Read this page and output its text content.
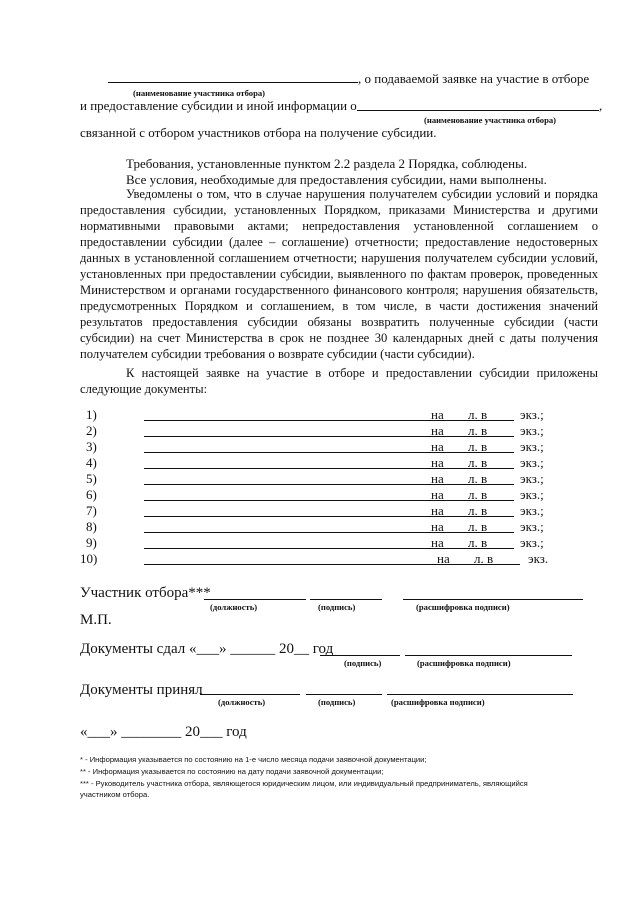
, о подаваемой заявке на участие в отборе
(наименование участника отбора)
и предоставление субсидии и иной информации о	,
(наименование участника отбора)
связанной с отбором участников отбора на получение субсидии.
Требования, установленные пунктом 2.2 раздела 2 Порядка, соблюдены.
Все условия, необходимые для предоставления субсидии, нами выполнены.
Уведомлены о том, что в случае нарушения получателем субсидии условий и порядка
предоставления субсидии, установленных Порядком, приказами Министерства и другими
нормативными правовыми актами; непредоставления установленной соглашением о
предоставлении субсидии (далее – соглашение) отчетности; предоставление недостоверных
данных в установленной соглашением отчетности; нарушения получателем субсидии условий,
установленных при предоставлении субсидии, выявленного по фактам проверок, проведенных
Министерством и органами государственного финансового контроля; нарушения обязательств,
предусмотренных Порядком и соглашением, в том числе, в части достижения значений
результатов предоставления субсидии обязаны возвратить полученные субсидии (части
субсидии) на счет Министерства в срок не позднее 30 календарных дней с даты получения
получателем субсидии требования о возврате субсидии (части субсидии).
К настоящей заявке на участие в отборе и предоставлении субсидии приложены
следующие документы:
1)	на л. в	экз.;
2)	на л. в	экз.;
3)	на л. в	экз.;
4)	на л. в	экз.;
5)	на л. в	экз.;
6)	на л. в	экз.;
7)	на л. в	экз.;
8)	на л. в	экз.;
9)	на л. в	экз.;
10)	на л. в	экз.
Участник отбора***
(должность)	(подпись)	(расшифровка подписи)
М.П.
Документы сдал «___» ______ 20__ год
(подпись)	(расшифровка подписи)
Документы принял
(должность)	(подпись)	(расшифровка подписи)
«___» ________ 20___ год
* - Информация указывается по состоянию на 1-е число месяца подачи заявочной документации;
** - Информация указывается по состоянию на дату подачи заявочной документации;
*** - Руководитель участника отбора, являющегося юридическим лицом, или индивидуальный предприниматель, являющийся
участником отбора.
